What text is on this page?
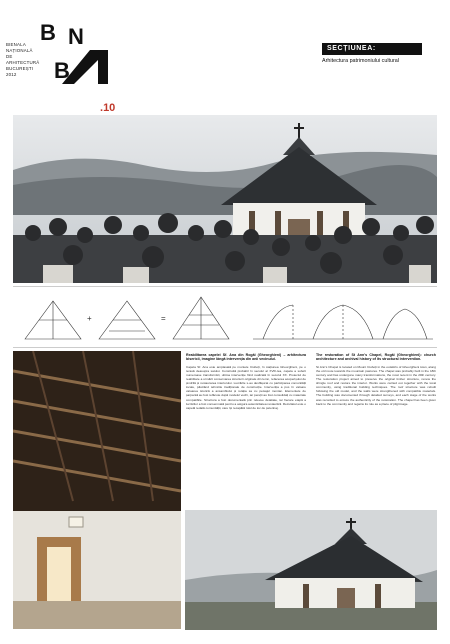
B N
B
BIENALA
NAȚIONALĂ
DE
ARHITECTURĂ
BUCUREȘTI
2012
.10
SECȚIUNEA:
Arhitectura patrimoniului cultural
+	=

Reabilitarea capelei Sf. Ana din Rogăi (Gheorghieni) – arhitectura bisericii, imagine lângă intervenția din anii vecinului.

Capela Sf. Ana este amplasată pe muntele Ciuboți, în stațiunea Gheorghieni, pe o terasă deasupra satului. Construită probabil în secolul al XVIII-lea, capela a suferit numeroase transformări, ultima intervenție fiind realizată în secolul XX. Proiectul de reabilitare a urmărit conservarea structurii originale din lemn, refacerea acoperișului de șindrilă și restaurarea interiorului. Lucrările s-au desfășurat cu participarea comunității locale, păstrând tehnicile tradiționale de construcție. Intervenția a pus în valoare valoarea istorică a ansamblului și relația sa cu peisajul montan. Elementele de șarpantă au fost refăcute după modelul vechi, iar pereții au fost consolidați cu materiale compatibile. Structura a fost documentată prin relevee detaliate, iar fiecare etapă a lucrărilor a fost consemnată pentru a asigura autenticitatea restaurării. Rezultatul este o capelă redată comunității, care își recapătă rolul de loc de pelerinaj.

The restoration of St Ann's Chapel, Rogăi (Gheorghieni): church architecture and archival history of its structural intervention.

St Ann's Chapel is located on Mount Ciuboți in the outskirts of Gheorghieni town, along the old route towards the mountain pastures. The chapel was probably built in the 18th century and has undergone many transformations, the most recent in the 20th century. The restoration project aimed to preserve the original timber structure, renew the shingle roof and restore the interior. Works were carried out together with the local community, using traditional building techniques. The roof structure was rebuilt following the old model, and the walls were strengthened with compatible materials. The building was documented through detailed surveys, and each stage of the works was recorded to ensure the authenticity of the restoration. The chapel has been given back to the community and regains its role as a place of pilgrimage.
